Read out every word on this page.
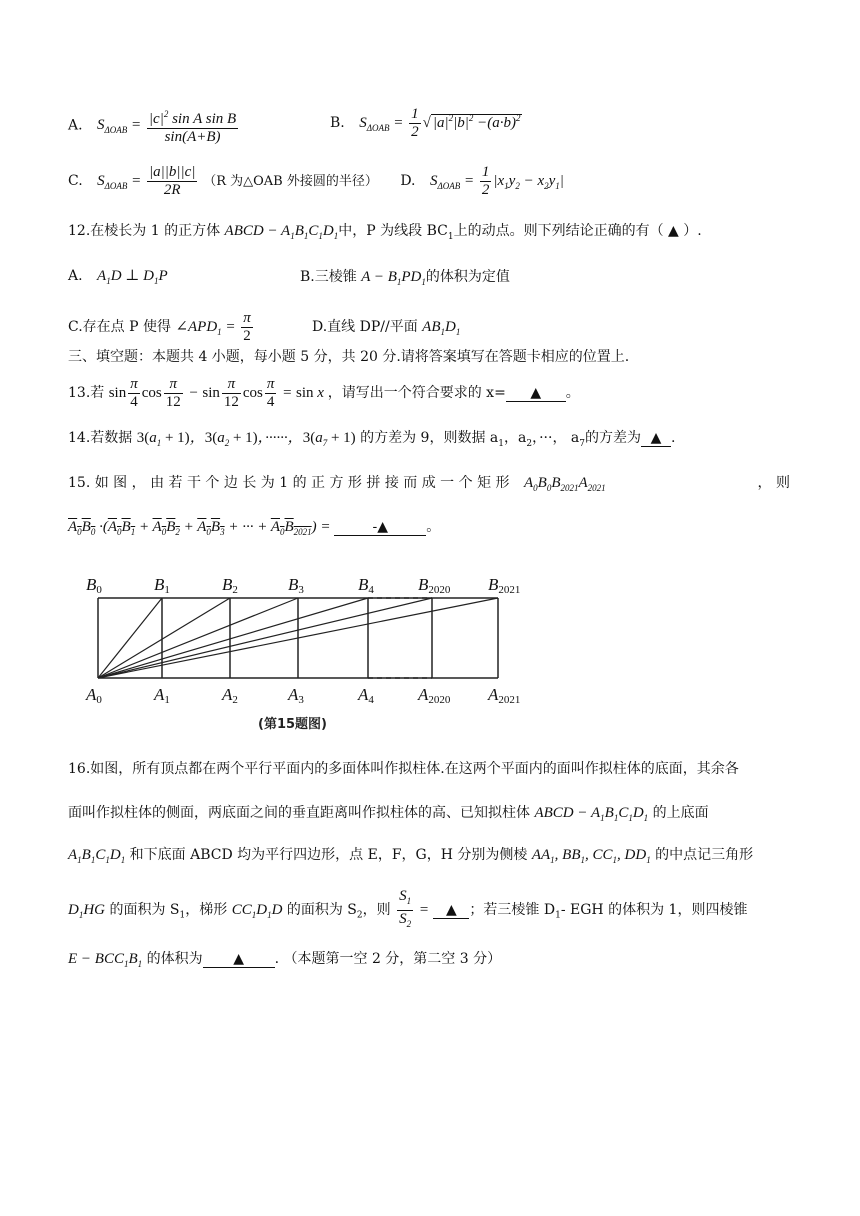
A. $S_{\Delta OAB} = \frac{|c|^2 \sin A \sin B}{\sin(A+B)}$	B. $S_{\Delta OAB} = \frac{1}{2}$ √ $|a|^2|b|^2 -(a\cdot b)^2$
C. $S_{\Delta OAB} = \frac{|a||b||c|}{2R} (R$ 为△OAB 外接圆的半径） D. $S_{\Delta OAB} = \frac{1}{2} |x_1y_2 - x_2y_1|$
12.在棱长为 1 的正方体 ABCD − $A_1B_1C_1D_1$中，P 为线段 $BC_1$上的动点。则下列结论正确的有（ ▲ ）.
A. $A_1D$ ⊥ $D_1P$	B.三棱锥 $A - B_1PD_1$的体积为定值
C.存在点 P 使得 $\angle APD_1 = \frac{\pi}{2}$	D.直线 DP//平面 $AB_1D_1$
三、填空题：本题共 4 小题，每小题 5 分，共 20 分.请将答案填写在答题卡相应的位置上.
13.若 $\sin \frac{\pi}{4}$ $\cos \frac{\pi}{12} - \sin \frac{\pi}{12}$ $\cos \frac{\pi}{4} = \sin x$ ，请写出一个符合要求的 x= ▲ 。
14.若数据 $3(a_1 + 1)$，$3(a_2 + 1)$，······，$3(a_7 + 1)$ 的方差为 9，则数据 $a_1$，$a_2$，···， $a_7$的方差为 ▲ .
15. 如 图 ， 由 若 干 个 边 长 为 1 的 正 方 形 拼 接 而 成 一 个 矩 形 $A_0B_0B_{2021}A_{2021}$	， 则
$A_0B_0 \cdot(A_0B_1 + A_0B_2 + A_0B_3$ + ··· + $A_0B_{2021}$) =	-▲	。
B0	B1	B2	B3	B4	B2020 B2021
A0	A1	A2	A3	A4	A2020 A2021
(第15题图)
16.如图，所有顶点都在两个平行平面内的多面体叫作拟柱体.在这两个平面内的面叫作拟柱体的底面，其余各
面叫作拟柱体的侧面，两底面之间的垂直距离叫作拟柱体的高、已知拟柱体 ABCD − $A_1B_1C_1D_1$ 的上底面
$A_1B_1C_1D_1$ 和下底面 ABCD 均为平行四边形，点 E，F，G，H 分别为侧棱 $AA_1$, $BB_1$, $CC_1$, $DD_1$ 的中点记三角形
$D_1HG$ 的面积为 $S_1$，梯形 $CC_1D_1D$ 的面积为 $S_2$，则 $\frac{S_1}{S_2}$ = ▲ ；若三棱锥 $D_1-$ EGH 的体积为 1，则四棱锥
$E - BCC_1B_1$ 的体积为 ▲ . （本题第一空 2 分，第二空 3 分）
